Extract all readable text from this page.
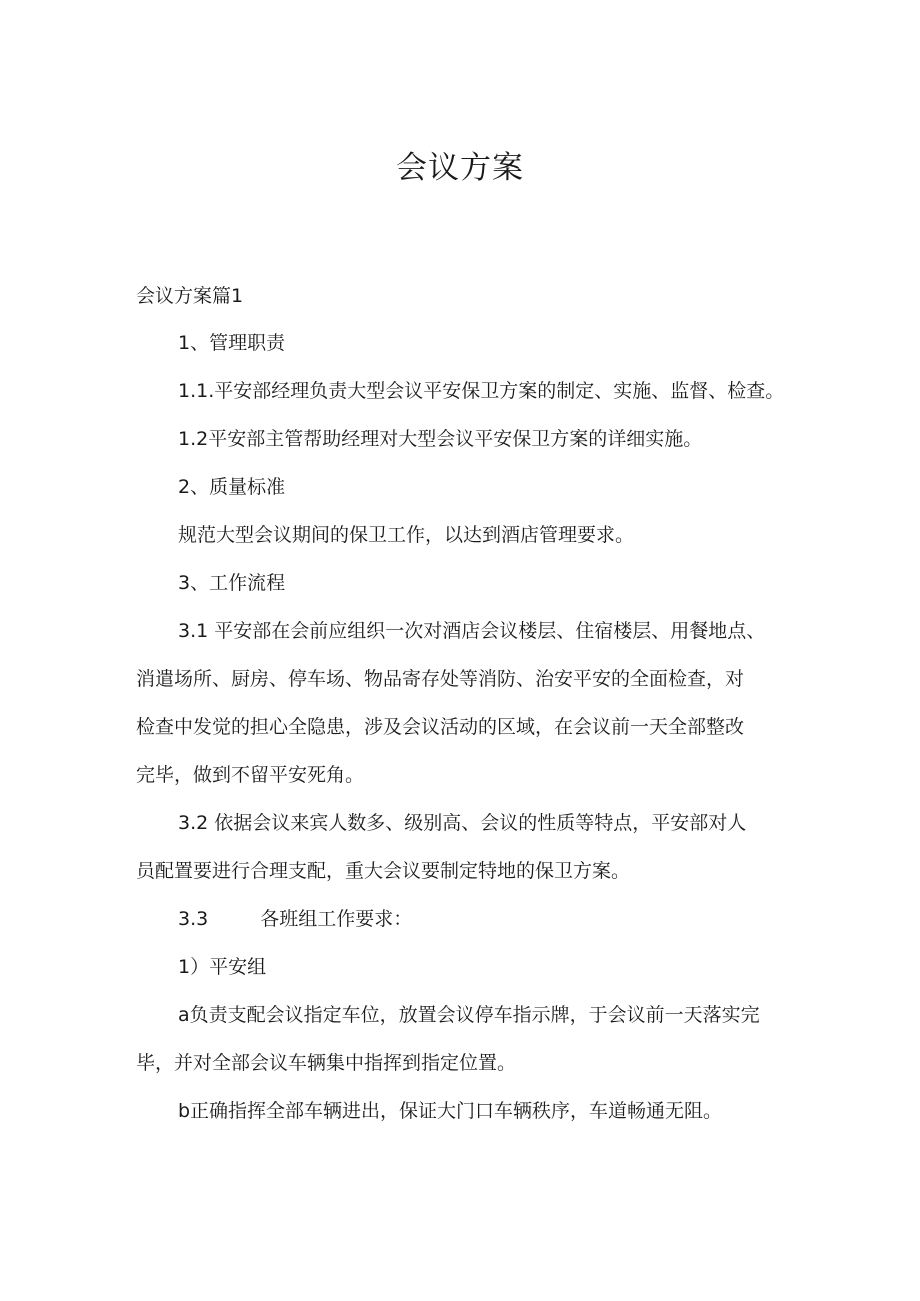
会议方案

会议方案篇1

1、管理职责

1.1.平安部经理负责大型会议平安保卫方案的制定、实施、监督、检查。

1.2平安部主管帮助经理对大型会议平安保卫方案的详细实施。

2、质量标准

规范大型会议期间的保卫工作，以达到酒店管理要求。

3、工作流程

3.1 平安部在会前应组织一次对酒店会议楼层、住宿楼层、用餐地点、
消遣场所、厨房、停车场、物品寄存处等消防、治安平安的全面检查，对
检查中发觉的担心全隐患，涉及会议活动的区域，在会议前一天全部整改
完毕，做到不留平安死角。

3.2 依据会议来宾人数多、级别高、会议的性质等特点，平安部对人
员配置要进行合理支配，重大会议要制定特地的保卫方案。

3.3	各班组工作要求：

1）平安组

a负责支配会议指定车位，放置会议停车指示牌，于会议前一天落实完
毕，并对全部会议车辆集中指挥到指定位置。

b正确指挥全部车辆进出，保证大门口车辆秩序，车道畅通无阻。
